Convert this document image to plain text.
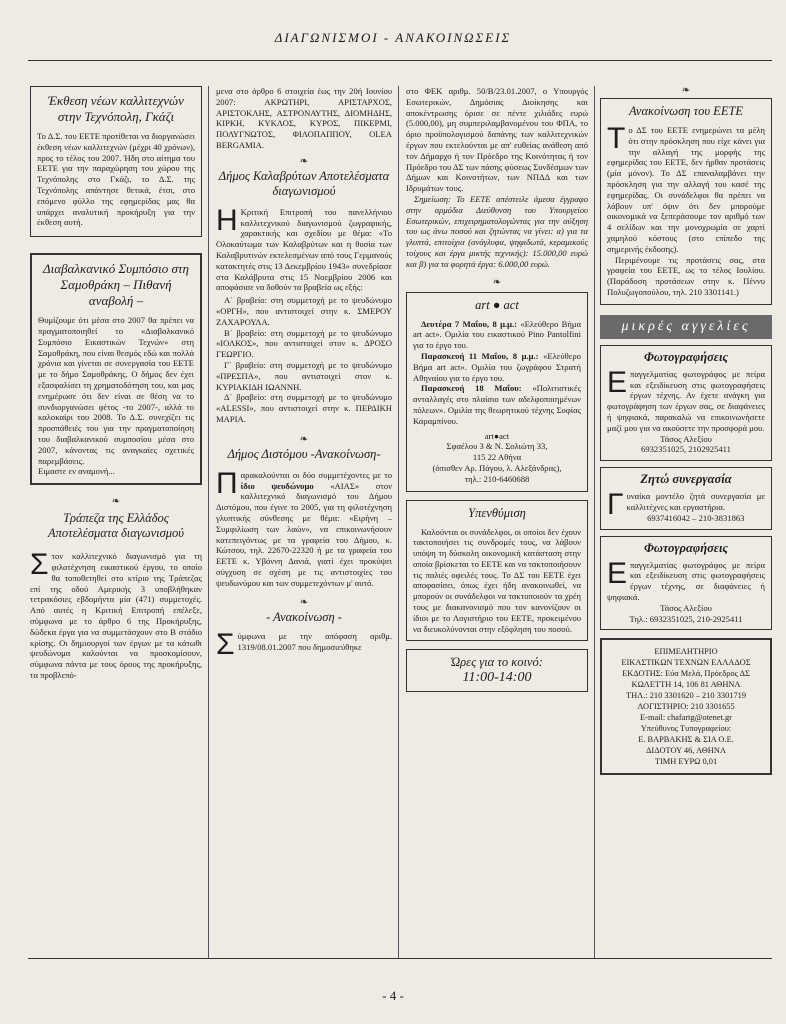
ΔΙΑΓΩΝΙΣΜΟΙ - ΑΝΑΚΟΙΝΩΣΕΙΣ

Έκθεση νέων καλλιτεχνών στην Τεχνόπολη, Γκάζι

Το Δ.Σ. του ΕΕΤΕ προτίθεται να διοργανώσει έκθεση νέων καλλιτεχνών (μέχρι 40 χρόνων), προς το τέλος του 2007. Ήδη στο αίτημα του ΕΕΤΕ για την παραχώρηση του χώρου της Τεχνόπολης στο Γκάζι, το Δ.Σ. της Τεχνόπολης απάντησε θετικά, έτσι, στο επόμενο φύλλο της εφημερίδας μας θα υπάρχει αναλυτική προκήρυξη για την έκθεση αυτή.

Διαβαλκανικό Συμπόσιο στη Σαμοθράκη – Πιθανή αναβολή –

Θυμίζουμε ότι μέσα στο 2007 θα πρέπει να πραγματοποιηθεί το «Διαβαλκανικό Συμπόσιο Εικαστικών Τεχνών» στη Σαμοθράκη, που είναι θεσμός εδώ και πολλά χρόνια και γίνεται σε συνεργασία του ΕΕΤΕ με το δήμο Σαμοθράκης. Ο δήμος δεν έχει εξασφαλίσει τη χρηματοδότηση του, και μας ενημέρωσε ότι δεν είναι σε θέση να το συνδιοργανώσει φέτος -το 2007-, αλλά το καλοκαίρι του 2008. Το Δ.Σ. συνεχίζει τις προσπάθειές του για την πραγματοποίηση του διαβαλκανικού συμποσίου μέσα στο 2007, κάνοντας τις αναγκαίες σχετικές παρεμβάσεις.

Ειμαστε εν αναμονή...

❧

Τράπεζα της Ελλάδος Αποτελέσματα διαγωνισμού

Στον καλλιτεχνικό διαγωνισμό για τη φιλοτέχνηση εικαστικού έργου, το οποίο θα τοποθετηθεί στο κτίριο της Τράπεζας επί της οδού Αμερικής 3 υποβλήθηκαν τετρακόσιες εβδομήντα μία (471) συμμετοχές. Από αυτές η Κριτική Επιτροπή επέλεξε, σύμφωνα με το άρθρο 6 της Προκήρυξης, δώδεκα έργα για να συμμετάσχουν στο Β στάδιο κρίσης. Οι δημιουργοί των έργων με τα κάτωθι ψευδώνυμα καλούνται να προσκομίσουν, σύμφωνα πάντα με τους όρους της προκήρυξης, τα προβλεπό-

μενα στο άρθρο 6 στοιχεία έως την 20ή Ιουνίου 2007: ΑΚΡΩΤΗΡΙ, ΑΡΙΣΤΑΡΧΟΣ, ΑΡΙΣΤΟΚΛΗΣ, ΑΣΤΡΟΝΑΥΤΗΣ, ΔΙΟΜΗΔΗΣ, ΚΙΡΚΗ, ΚΥΚΛΟΣ, ΚΥΡΟΣ, ΠΙΚΕΡΜΙ, ΠΟΛΥΓΝΩΤΟΣ, ΦΙΛΟΠΑΠΠΟΥ, OLEA BERGAMIA.

❧

Δήμος Καλαβρύτων Αποτελέσματα διαγωνισμού

Η Κριτική Επιτροπή του πανελλήνιου καλλιτεχνικού διαγωνισμού ζωγραφικής, χαρακτικής και σχεδίου με θέμα: «Το Ολοκαύτωμα των Καλαβρύτων και η θυσία των Καλαβρυτινών εκτελεσμένων από τους Γερμανούς κατακτητές στις 13 Δεκεμβρίου 1943» συνεδρίασε στα Καλάβρυτα στις 15 Νοεμβρίου 2006 και αποφάσισε να δοθούν τα βραβεία ως εξής:

Α΄ βραβείο: στη συμμετοχή με το ψευδώνυμο «ΟΡΓΗ», που αντιστοιχεί στην κ. ΣΜΕΡΟΥ ΖΑΧΑΡΟΥΛΑ.

Β΄ βραβείο: στη συμμετοχή με το ψευδώνυμο «ΙΟΛΚΟΣ», που αντιστοιχεί στον κ. ΔΡΟΣΟ ΓΕΩΡΓΙΟ.

Γ΄ βραβείο: στη συμμετοχή με το ψευδώνυμο «ΠΡΕΣΠΑ», που αντιστοιχεί στον κ. ΚΥΡΙΑΚΙΔΗ ΙΩΑΝΝΗ.

Δ΄ βραβείο: στη συμμετοχή με το ψευδώνυμο «ALESSI», που αντιστοιχεί στην κ. ΠΕΡΔΙΚΗ ΜΑΡΙΑ.

❧

Δήμος Διστόμου -Ανακοίνωση-

Παρακαλούνται οι δύο συμμετέχοντες με το ίδιο ψευδώνυμο «ΑΙΑΣ» στον καλλιτεχνικό διαγωνισμό του Δήμου Διστόμου, που έγινε το 2005, για τη φιλοτέχνηση γλυπτικής σύνθεσης με θέμα: «Ειρήνη – Συμφιλίωση των λαών», να επικοινωνήσουν κατεπειγόντως με τα γραφεία του Δήμου, κ. Κώτσου, τηλ. 22670-22320 ή με τα γραφεία του ΕΕΤΕ κ. Υβόννη Δανιά, γιατί έχει προκύψει σύγχυση σε σχέση με τις αντιστοιχίες του ψευδωνύμου και των συμμετεχόντων μ' αυτό.
❧

- Ανακοίνωση -

Σύμφωνα με την απόφαση αριθμ. 1319/08.01.2007 που δημοσιεύθηκε

στο ΦΕΚ αριθμ. 50/Β/23.01.2007, ο Υπουργός Εσωτερικών, Δημόσιας Διοίκησης και αποκέντρωσης όρισε σε πέντε χιλιάδες ευρώ (5.000,00), μη συμπεριλαμβανομένου του ΦΠΑ, το όριο προϋπολογισμού δαπάνης των καλλιτεχνικών έργων που εκτελούνται με απ' ευθείας ανάθεση από τον Δήμαρχο ή τον Πρόεδρο της Κοινότητας ή τον Πρόεδρο του ΔΣ των πάσης φύσεως Συνδέσμων των Δήμων και Κοινοτήτων, των ΝΠΔΔ και των Ιδρυμάτων τους.

Σημείωση: Το ΕΕΤΕ απέστειλε άμεσα έγγραφο στην αρμόδια Διεύθυνση του Υπουργείου Εσωτερικών, επιχειρηματολογώντας για την αύξηση του ως άνω ποσού και ζητώντας να γίνει: α) για τα γλυπτά, επιτοίχια (ανάγλυφα, ψηφιδωτά, κεραμικούς τοίχους και έργα μικτής τεχνικής): 15.000,00 ευρώ και β) για τα φορητά έργα: 6.000,00 ευρώ.

❧

art ● act

Δευτέρα 7 Μαΐου, 8 μ.μ.: «Ελεύθερο Βήμα art act». Ομιλία του εικαστικού Pino Pantolfini για το έργο του.

Παρασκευή 11 Μαΐου, 8 μ.μ.: «Ελεύθερο Βήμα art act». Ομιλία του ζωγράφου Στρατή Αθηναίου για το έργο του.

Παρασκευή 18 Μαΐου: «Πολιτιστικές ανταλλαγές στο πλαίσιο των αδελφοποιημένων πόλεων». Ομιλία της θεωρητικού τέχνης Σοφίας Καραμπίνου.

art●act

Σφαέλου 3 & Ν. Σολιώτη 33,

115 22 Αθήνα

(όπισθεν Αρ. Πάγου, λ. Αλεξάνδρας),

τηλ.: 210-6460688

Υπενθύμιση

Καλούνται οι συνάδελφοι, οι οποίοι δεν έχουν τακτοποιήσει τις συνδρομές τους, να λάβουν υπόψη τη δύσκολη οικονομική κατάσταση στην οποία βρίσκεται το ΕΕΤΕ και να τακτοποιήσουν τις παλιές οφειλές τους. Το ΔΣ του ΕΕΤΕ έχει αποφασίσει, όπως έχει ήδη ανακοινωθεί, να μπορούν οι συνάδελφοι να τακτοποιούν τα χρέη τους με διακανονισμό που τον κανονίζουν οι ίδιοι με το Λογιστήριο του ΕΕΤΕ, προκειμένου να διευκολύνονται στην εξόφληση του ποσού.

Ώρες για το κοινό:

11:00-14:00

❧

Ανακοίνωση του ΕΕΤΕ

Το ΔΣ του ΕΕΤΕ ενημερώνει τα μέλη ότι στην πρόσκληση που είχε κάνει για την αλλαγή της μορφής της εφημερίδας του ΕΕΤΕ, δεν ήρθαν προτάσεις (μία μόνον). Το ΔΣ επαναλαμβάνει την πρόσκληση για την αλλαγή του κασέ της εφημερίδας. Οι συνάδελφοι θα πρέπει να λάβουν υπ' όψιν ότι δεν μπορούμε οικονομικά να ξεπεράσουμε τον αριθμό των 4 σελίδων και την μονοχρωμία σε χαρτί χαμηλού κόστους (στο επίπεδο της σημερινής έκδοσης).

Περιμένουμε τις προτάσεις σας, στα γραφεία του ΕΕΤΕ, ως το τέλος Ιουλίου. (Παράδοση προτάσεων στην κ. Πέννυ Πολυζωγοπούλου, τηλ. 210 3301141.)

μικρές αγγελίες

Φωτογραφήσεις

Επαγγελματίας φωτογράφος με πείρα και εξειδίκευση στις φωτογραφήσεις έργων τέχνης. Αν έχετε ανάγκη για φωτογράφηση των έργων σας, σε διαφάνειες ή ψηφιακά, παρακαλώ να επικοινωνήσετε μαζί μου για να ακούσετε την προσφορά μου.

Τάσος Αλεξίου

6932351025, 2102925411

Ζητώ συνεργασία

Γυναίκα μοντέλο ζητά συνεργασία με καλλιτέχνες και εργαστήρια.

6937416042 – 210-3831863

Φωτογραφήσεις

Επαγγελματίας φωτογράφος με πείρα και εξειδίκευση στις φωτογραφήσεις έργων τέχνης, σε διαφάνειες ή ψηφιακά.

Τάσος Αλεξίου

Τηλ.: 6932351025, 210-2925411

ΕΠΙΜΕΛΗΤΗΡΙΟ

ΕΙΚΑΣΤΙΚΩΝ ΤΕΧΝΩΝ ΕΛΛΑΔΟΣ

ΕΚΔΟΤΗΣ: Εύα Μελά, Πρόεδρος ΔΣ

ΚΩΛΕΤΤΗ 14, 106 81 ΑΘΗΝΑ

ΤΗΛ.: 210 3301620 – 210 3301719

ΛΟΓΙΣΤΗΡΙΟ: 210 3301655

E-mail: chafartg@otenet.gr

Υπεύθυνος Τυπογραφείου:

Ε. ΒΑΡΒΑΚΗΣ & ΣΙΑ Ο.Ε.

ΔΙΔΟΤΟΥ 46, ΑΘΗΝΑ

ΤΙΜΗ ΕΥΡΩ 0,01

- 4 -
